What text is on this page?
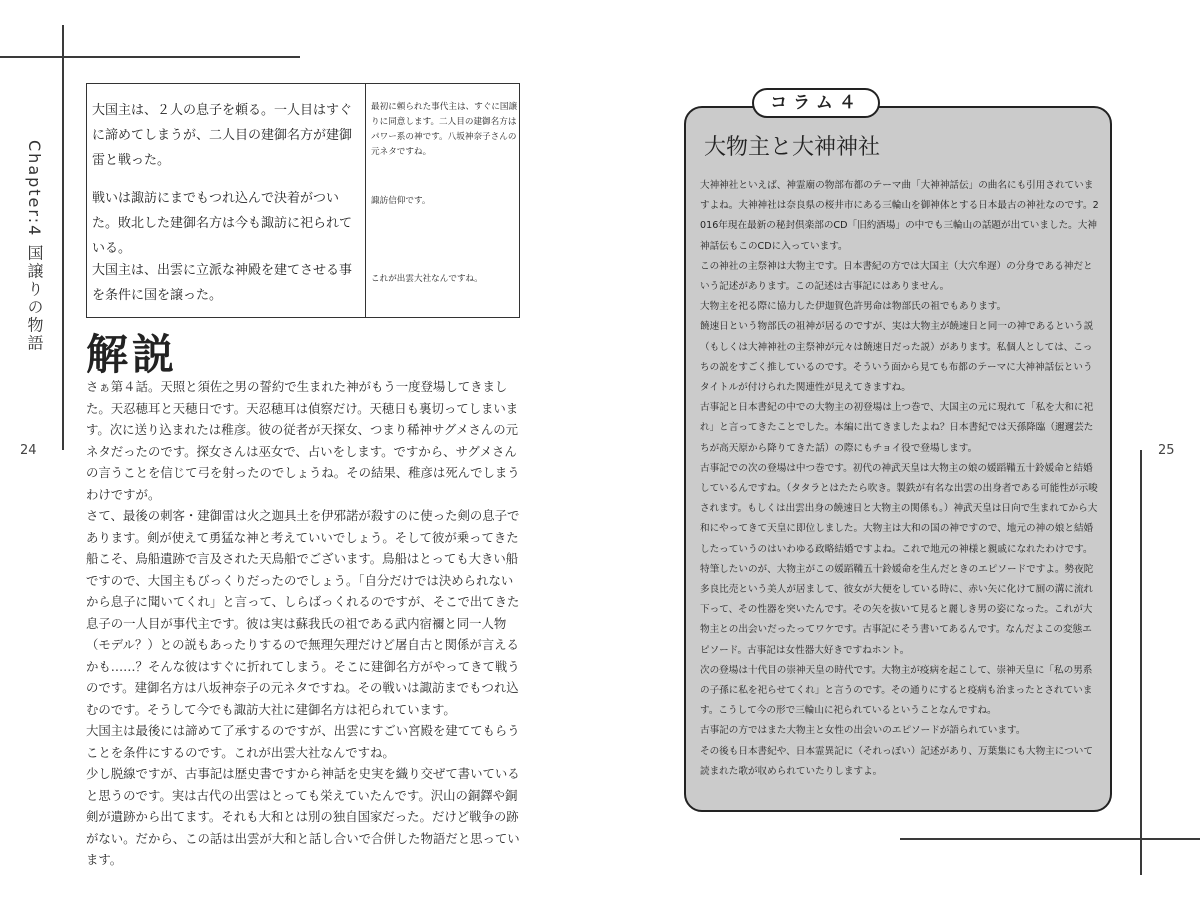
Chapter:4 国譲りの物語
24	25
大国主は、２人の息子を頼る。一人目はすぐに諦めてしまうが、二人目の建御名方が建御雷と戦った。
最初に頼られた事代主は、すぐに国譲りに同意します。二人目の建御名方はパワー系の神です。八坂神奈子さんの元ネタですね。
戦いは諏訪にまでもつれ込んで決着がついた。敗北した建御名方は今も諏訪に祀られている。
諏訪信仰です。
大国主は、出雲に立派な神殿を建てさせる事を条件に国を譲った。
これが出雲大社なんですね。
解説

さぁ第４話。天照と須佐之男の誓約で生まれた神がもう一度登場してきました。天忍穂耳と天穂日です。天忍穂耳は偵察だけ。天穂日も裏切ってしまいます。次に送り込まれたは稚彦。彼の従者が天探女、つまり稀神サグメさんの元ネタだったのです。探女さんは巫女で、占いをします。ですから、サグメさんの言うことを信じて弓を射ったのでしょうね。その結果、稚彦は死んでしまうわけですが。

さて、最後の刺客・建御雷は火之迦具土を伊邪諾が殺すのに使った剣の息子であります。剣が使えて勇猛な神と考えていいでしょう。そして彼が乗ってきた船こそ、鳥船遺跡で言及された天鳥船でございます。鳥船はとっても大きい船ですので、大国主もびっくりだったのでしょう。「自分だけでは決められないから息子に聞いてくれ」と言って、しらばっくれるのですが、そこで出てきた息子の一人目が事代主です。彼は実は蘇我氏の祖である武内宿禰と同一人物（モデル？）との説もあったりするので無理矢理だけど屠自古と関係が言えるかも……？そんな彼はすぐに折れてしまう。そこに建御名方がやってきて戦うのです。建御名方は八坂神奈子の元ネタですね。その戦いは諏訪までもつれ込むのです。そうして今でも諏訪大社に建御名方は祀られています。

大国主は最後には諦めて了承するのですが、出雲にすごい宮殿を建ててもらうことを条件にするのです。これが出雲大社なんですね。

少し脱線ですが、古事記は歴史書ですから神話を史実を織り交ぜて書いていると思うのです。実は古代の出雲はとっても栄えていたんです。沢山の銅鐸や銅剣が遺跡から出てます。それも大和とは別の独自国家だった。だけど戦争の跡がない。だから、この話は出雲が大和と話し合いで合併した物語だと思っています。

コラム４
大物主と大神神社

大神神社といえば、神霊廟の物部布都のテーマ曲「大神神話伝」の曲名にも引用されていますよね。大神神社は奈良県の桜井市にある三輪山を御神体とする日本最古の神社なのです。2016年現在最新の秘封倶楽部のCD「旧約酒場」の中でも三輪山の話題が出ていました。大神神話伝もこのCDに入っています。

この神社の主祭神は大物主です。日本書紀の方では大国主（大穴牟遅）の分身である神だという記述があります。この記述は古事記にはありません。

大物主を祀る際に協力した伊迦賀色許男命は物部氏の祖でもあります。

饒速日という物部氏の祖神が居るのですが、実は大物主が饒速日と同一の神であるという説（もしくは大神神社の主祭神が元々は饒速日だった説）があります。私個人としては、こっちの説をすごく推しているのです。そういう面から見ても布都のテーマに大神神話伝というタイトルが付けられた関連性が見えてきますね。

古事記と日本書紀の中での大物主の初登場は上つ巻で、大国主の元に現れて「私を大和に祀れ」と言ってきたことでした。本編に出てきましたよね？日本書紀では天孫降臨（邇邇芸たちが高天原から降りてきた話）の際にもチョイ役で登場します。

古事記での次の登場は中つ巻です。初代の神武天皇は大物主の娘の媛蹈鞴五十鈴媛命と結婚しているんですね。（タタラとはたたら吹き。製鉄が有名な出雲の出身者である可能性が示唆されます。もしくは出雲出身の饒速日と大物主の関係も。）神武天皇は日向で生まれてから大和にやってきて天皇に即位しました。大物主は大和の国の神ですので、地元の神の娘と結婚したっていうのはいわゆる政略結婚ですよね。これで地元の神様と親戚になれたわけです。

特筆したいのが、大物主がこの媛蹈鞴五十鈴媛命を生んだときのエピソードですよ。勢夜陀多良比売という美人が居まして、彼女が大便をしている時に、赤い矢に化けて厠の溝に流れ下って、その性器を突いたんです。その矢を抜いて見ると麗しき男の姿になった。これが大物主との出会いだったってワケです。古事記にそう書いてあるんです。なんだよこの変態エピソード。古事記は女性器大好きですねホント。

次の登場は十代目の崇神天皇の時代です。大物主が疫病を起こして、崇神天皇に「私の男系の子孫に私を祀らせてくれ」と言うのです。その通りにすると疫病も治まったとされています。こうして今の形で三輪山に祀られているということなんですね。

古事記の方ではまた大物主と女性の出会いのエピソードが語られています。

その後も日本書紀や、日本霊異記に（それっぽい）記述があり、万葉集にも大物主について読まれた歌が収められていたりしますよ。
